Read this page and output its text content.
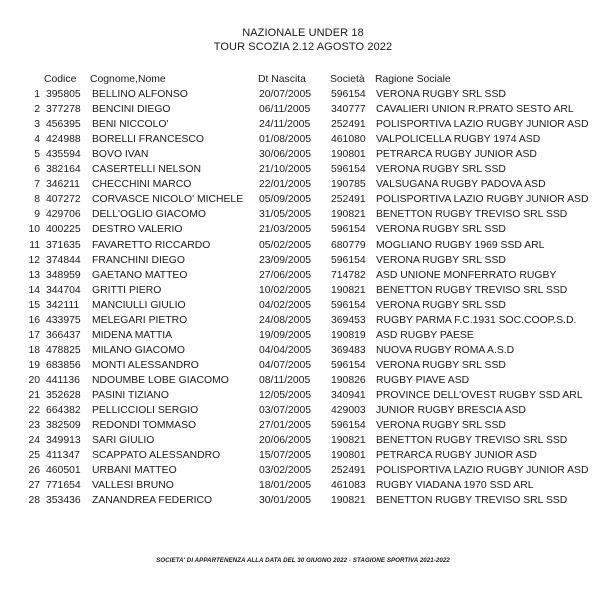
NAZIONALE UNDER 18
TOUR SCOZIA 2.12 AGOSTO 2022
Codice Cognome,Nome	Dt Nascita Società Ragione Sociale
1 395805 BELLINO ALFONSO	20/07/2005 596154 VERONA RUGBY SRL SSD
2 377278 BENCINI DIEGO	06/11/2005 340777 CAVALIERI UNION R.PRATO SESTO ARL
3 456395 BENI NICCOLO'	24/11/2005 252491 POLISPORTIVA LAZIO RUGBY JUNIOR ASD
4 424988 BORELLI FRANCESCO	01/08/2005 461080 VALPOLICELLA RUGBY 1974 ASD
5 435594 BOVO IVAN	30/06/2005 190801 PETRARCA RUGBY JUNIOR ASD
6 382164 CASERTELLI NELSON	21/10/2005 596154 VERONA RUGBY SRL SSD
7 346211 CHECCHINI MARCO	22/01/2005 190785 VALSUGANA RUGBY PADOVA ASD
8 407272 CORVASCE NICOLO' MICHELE 05/09/2005 252491 POLISPORTIVA LAZIO RUGBY JUNIOR ASD
9 429706 DELL'OGLIO GIACOMO	31/05/2005 190821 BENETTON RUGBY TREVISO SRL SSD
10 400225 DESTRO VALERIO	21/03/2005 596154 VERONA RUGBY SRL SSD
11 371635 FAVARETTO RICCARDO	05/02/2005 680779 MOGLIANO RUGBY 1969 SSD ARL
12 374844 FRANCHINI DIEGO	23/09/2005 596154 VERONA RUGBY SRL SSD
13 348959 GAETANO MATTEO	27/06/2005 714782 ASD UNIONE MONFERRATO RUGBY
14 344704 GRITTI PIERO	10/02/2005 190821 BENETTON RUGBY TREVISO SRL SSD
15 342111 MANCIULLI GIULIO	04/02/2005 596154 VERONA RUGBY SRL SSD
16 433975 MELEGARI PIETRO	24/08/2005 369453 RUGBY PARMA F.C.1931 SOC.COOP.S.D.
17 366437 MIDENA MATTIA	19/09/2005 190819 ASD RUGBY PAESE
18 478825 MILANO GIACOMO	04/04/2005 369483 NUOVA RUGBY ROMA A.S.D
19 683856 MONTI ALESSANDRO	04/07/2005 596154 VERONA RUGBY SRL SSD
20 441136 NDOUMBE LOBE GIACOMO	08/11/2005 190826 RUGBY PIAVE ASD
21 352628 PASINI TIZIANO	12/05/2005 340941 PROVINCE DELL'OVEST RUGBY SSD ARL
22 664382 PELLICCIOLI SERGIO	03/07/2005 429003 JUNIOR RUGBY BRESCIA ASD
23 382509 REDONDI TOMMASO	27/01/2005 596154 VERONA RUGBY SRL SSD
24 349913 SARI GIULIO	20/06/2005 190821 BENETTON RUGBY TREVISO SRL SSD
25 411347 SCAPPATO ALESSANDRO	15/07/2005 190801 PETRARCA RUGBY JUNIOR ASD
26 460501 URBANI MATTEO	03/02/2005 252491 POLISPORTIVA LAZIO RUGBY JUNIOR ASD
27 771654 VALLESI BRUNO	18/01/2005 461083 RUGBY VIADANA 1970 SSD ARL
28 353436 ZANANDREA FEDERICO	30/01/2005 190821 BENETTON RUGBY TREVISO SRL SSD
SOCIETA' DI APPARTENENZA ALLA DATA DEL 30 GIUGNO 2022 - STAGIONE SPORTIVA 2021-2022
